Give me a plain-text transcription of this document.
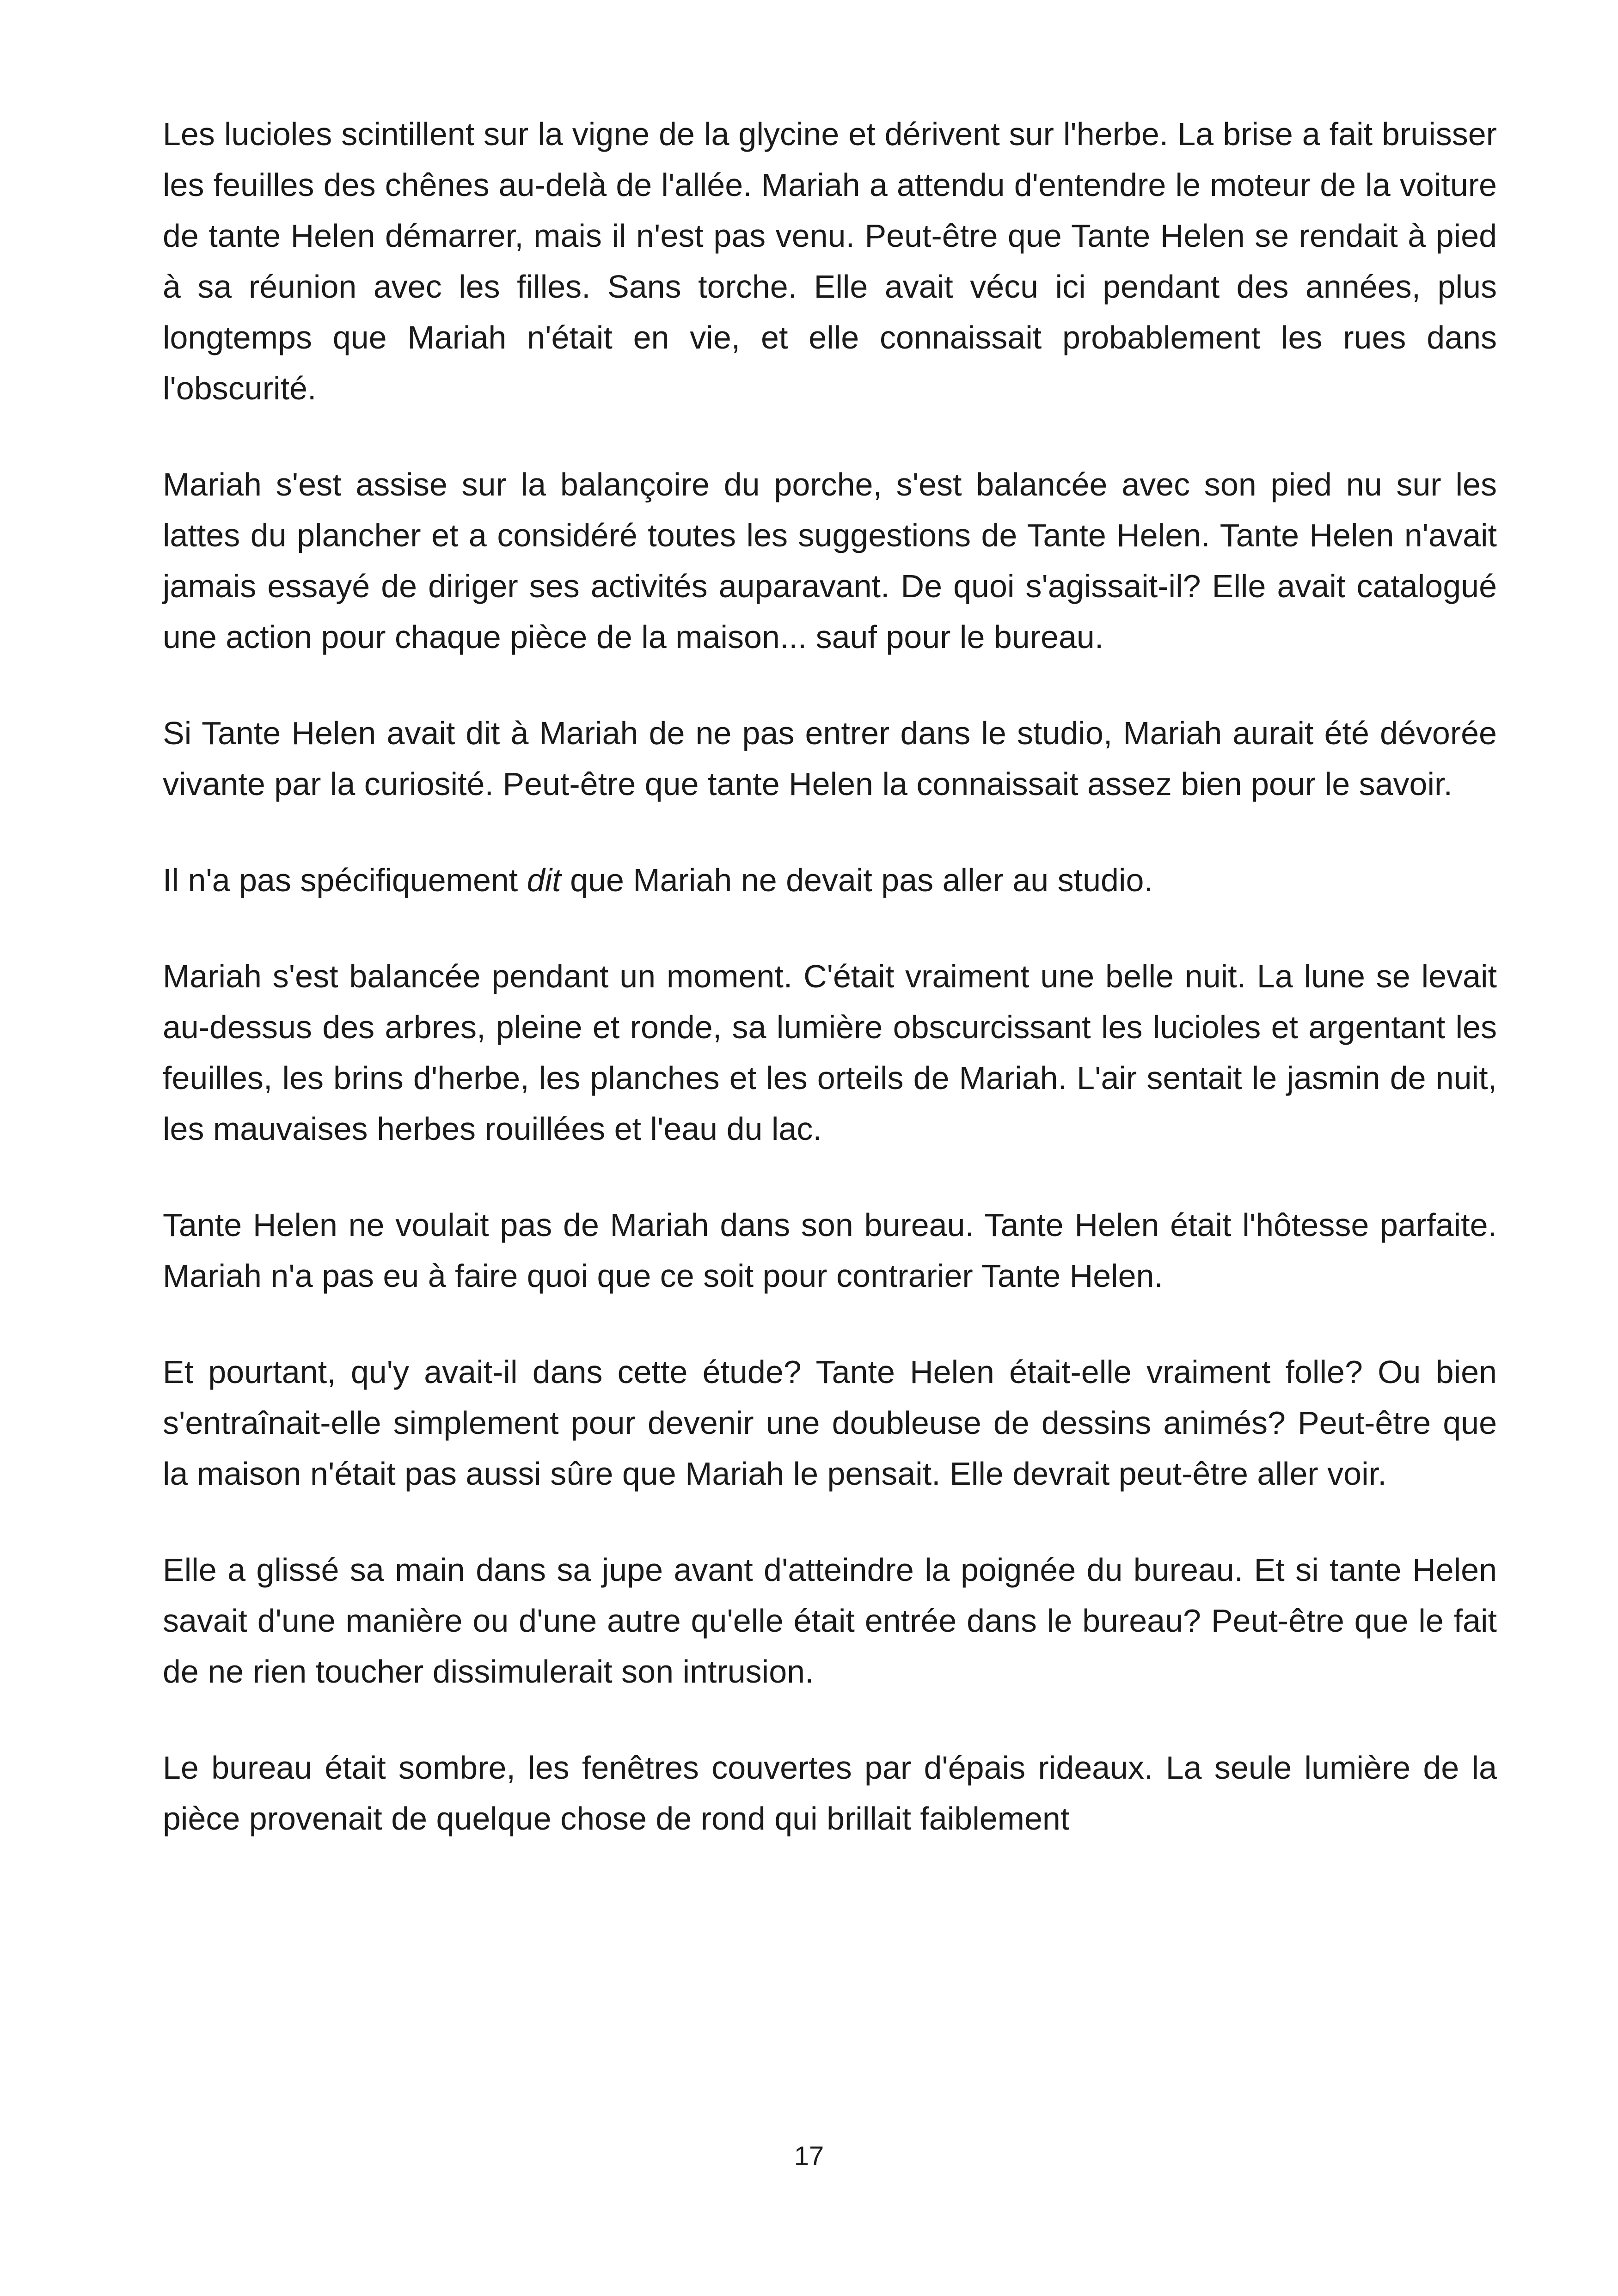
Les lucioles scintillent sur la vigne de la glycine et dérivent sur l'herbe. La brise a fait bruisser les feuilles des chênes au-delà de l'allée. Mariah a attendu d'entendre le moteur de la voiture de tante Helen démarrer, mais il n'est pas venu. Peut-être que Tante Helen se rendait à pied à sa réunion avec les filles. Sans torche. Elle avait vécu ici pendant des années, plus longtemps que Mariah n'était en vie, et elle connaissait probablement les rues dans l'obscurité.

Mariah s'est assise sur la balançoire du porche, s'est balancée avec son pied nu sur les lattes du plancher et a considéré toutes les suggestions de Tante Helen. Tante Helen n'avait jamais essayé de diriger ses activités auparavant. De quoi s'agissait-il? Elle avait catalogué une action pour chaque pièce de la maison... sauf pour le bureau.

Si Tante Helen avait dit à Mariah de ne pas entrer dans le studio, Mariah aurait été dévorée vivante par la curiosité. Peut-être que tante Helen la connaissait assez bien pour le savoir.

Il n'a pas spécifiquement dit que Mariah ne devait pas aller au studio.

Mariah s'est balancée pendant un moment. C'était vraiment une belle nuit. La lune se levait au-dessus des arbres, pleine et ronde, sa lumière obscurcissant les lucioles et argentant les feuilles, les brins d'herbe, les planches et les orteils de Mariah. L'air sentait le jasmin de nuit, les mauvaises herbes rouillées et l'eau du lac.

Tante Helen ne voulait pas de Mariah dans son bureau. Tante Helen était l'hôtesse parfaite. Mariah n'a pas eu à faire quoi que ce soit pour contrarier Tante Helen.

Et pourtant, qu'y avait-il dans cette étude? Tante Helen était-elle vraiment folle? Ou bien s'entraînait-elle simplement pour devenir une doubleuse de dessins animés? Peut-être que la maison n'était pas aussi sûre que Mariah le pensait. Elle devrait peut-être aller voir.

Elle a glissé sa main dans sa jupe avant d'atteindre la poignée du bureau. Et si tante Helen savait d'une manière ou d'une autre qu'elle était entrée dans le bureau? Peut-être que le fait de ne rien toucher dissimulerait son intrusion.

Le bureau était sombre, les fenêtres couvertes par d'épais rideaux. La seule lumière de la pièce provenait de quelque chose de rond qui brillait faiblement

17
